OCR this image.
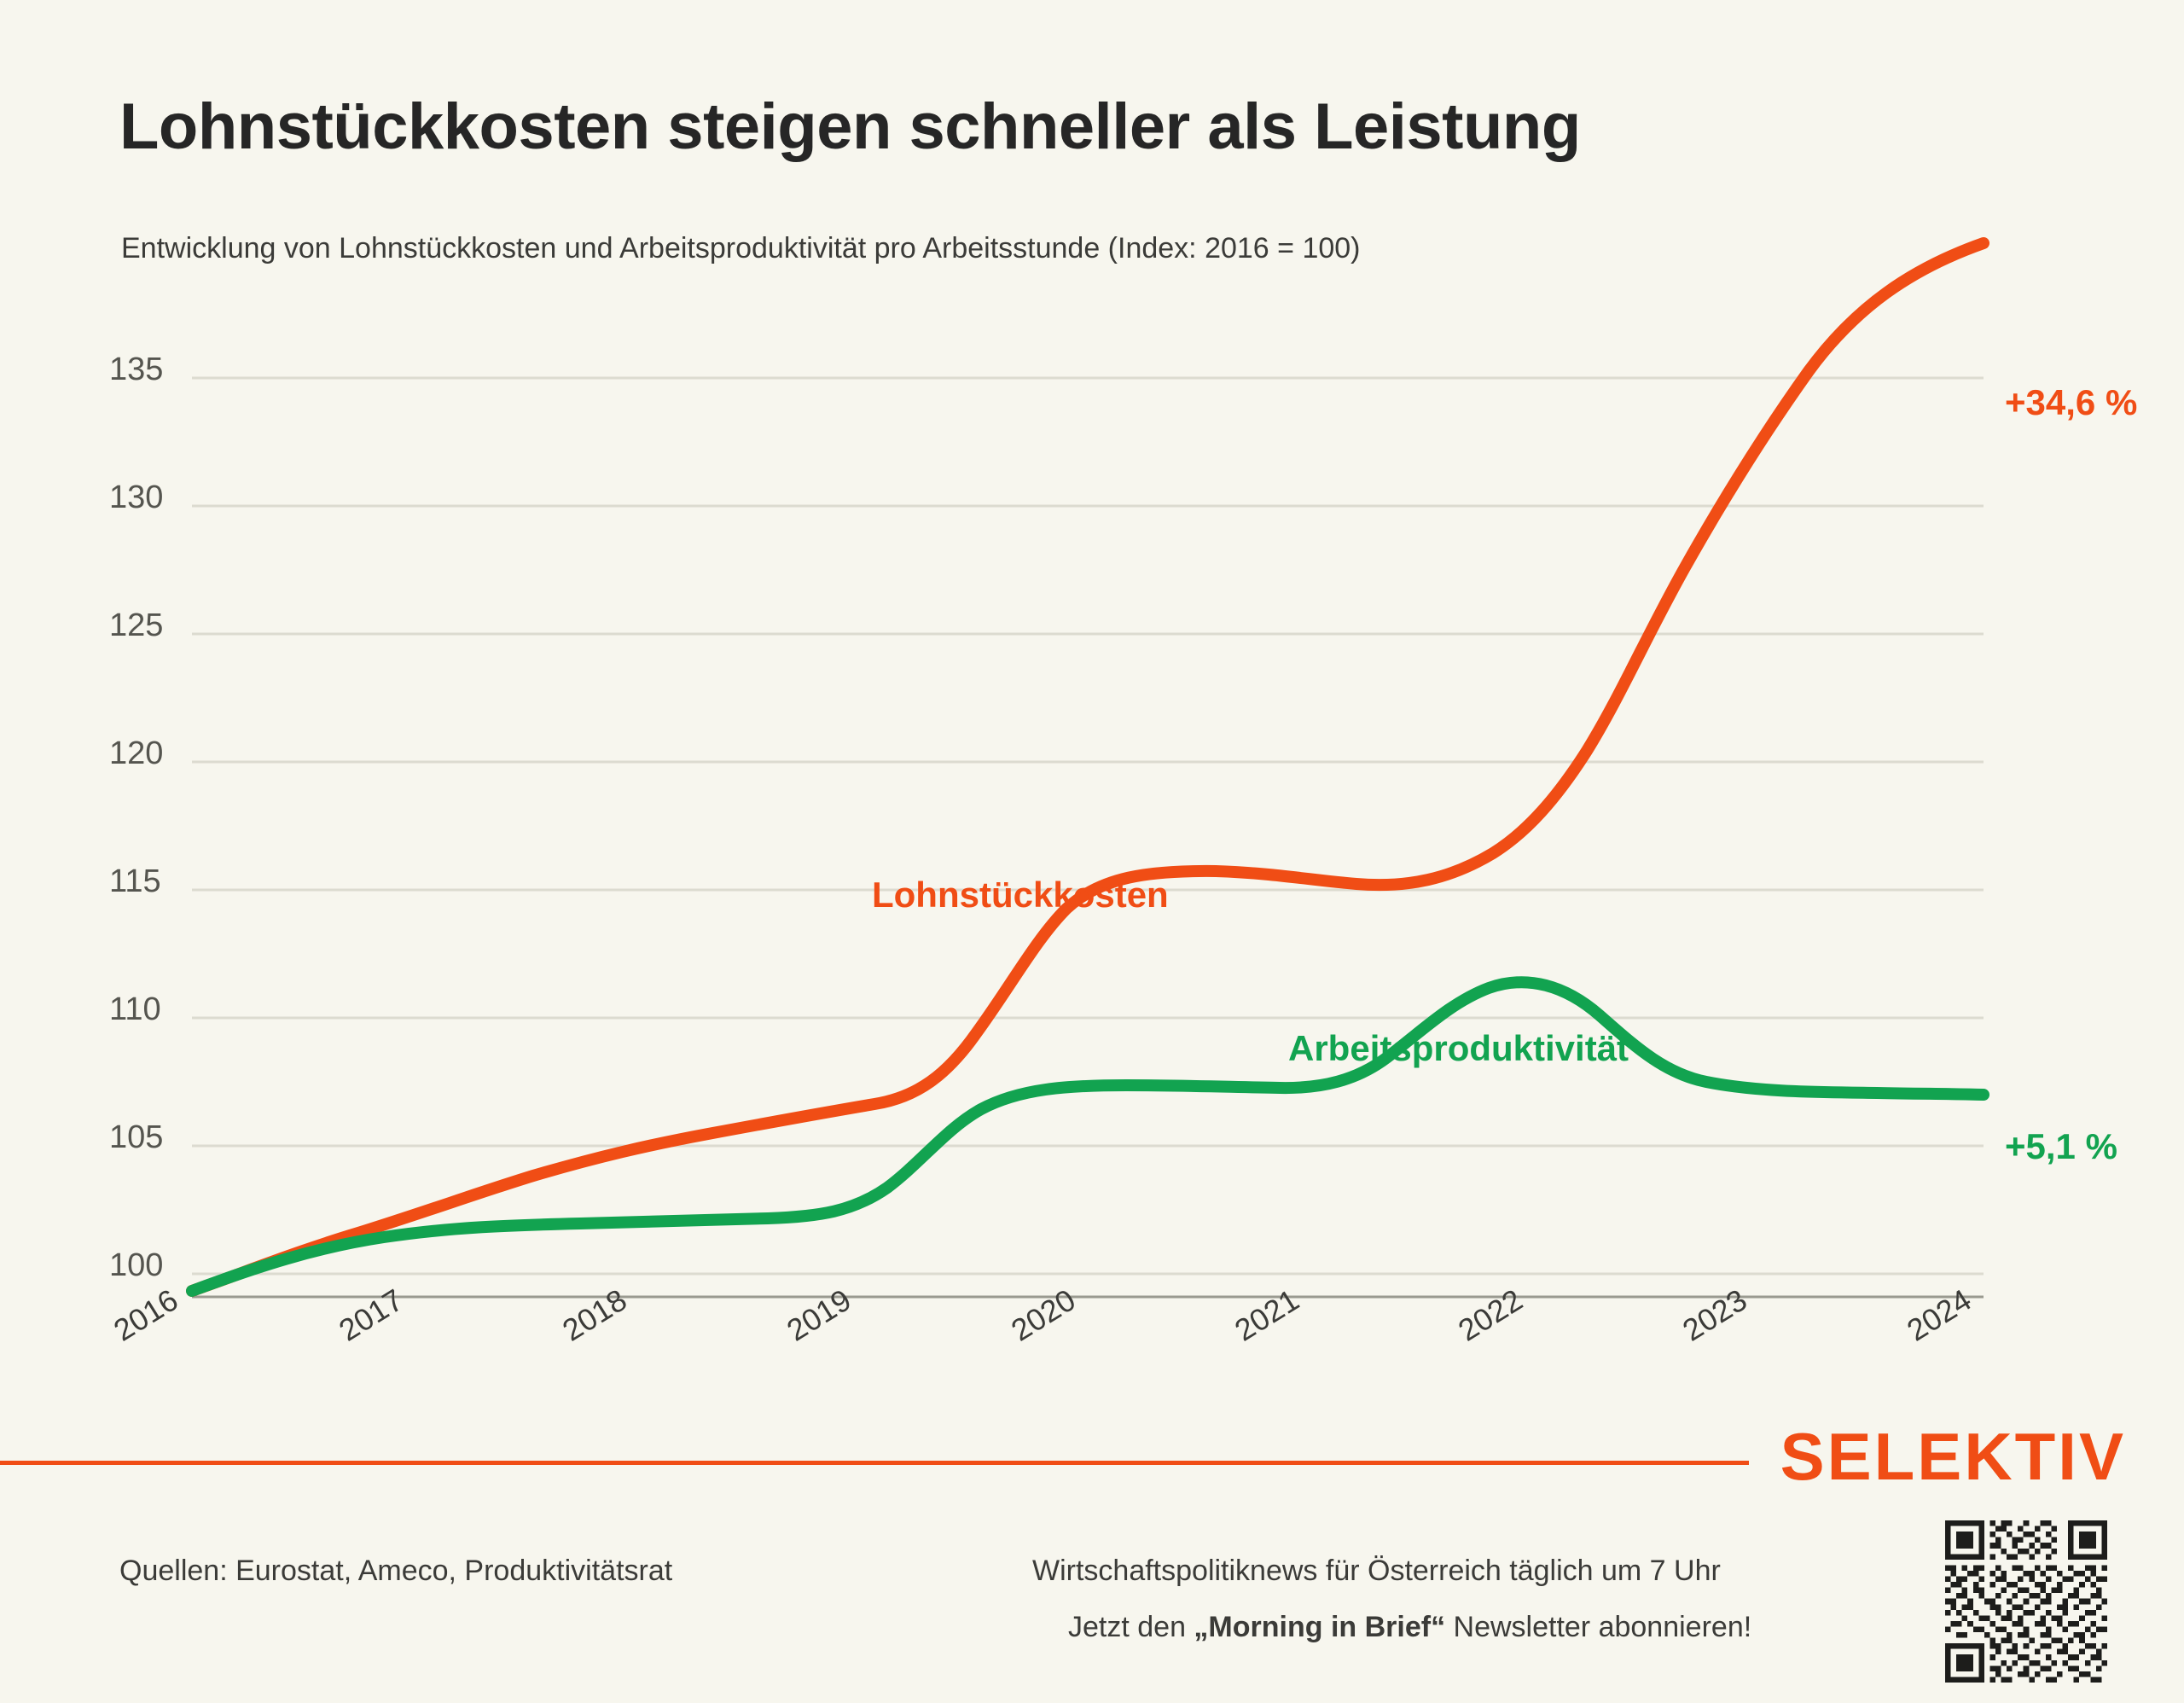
Lohnstückkosten steigen schneller als Leistung
Entwicklung von Lohnstückkosten und Arbeitsproduktivität pro Arbeitsstunde (Index: 2016 = 100)
135
130
125
120
115
110
105
100
2016	2017	2018	2019	2020	2021	2022	2023	2024
Lohnstückkosten
Arbeitsproduktivität
+34,6 %
+5,1 %
SELEKTIV
Quellen: Eurostat, Ameco, Produktivitätsrat	Wirtschaftspolitiknews für Österreich täglich um 7 Uhr
Jetzt den „Morning in Brief“ Newsletter abonnieren!
